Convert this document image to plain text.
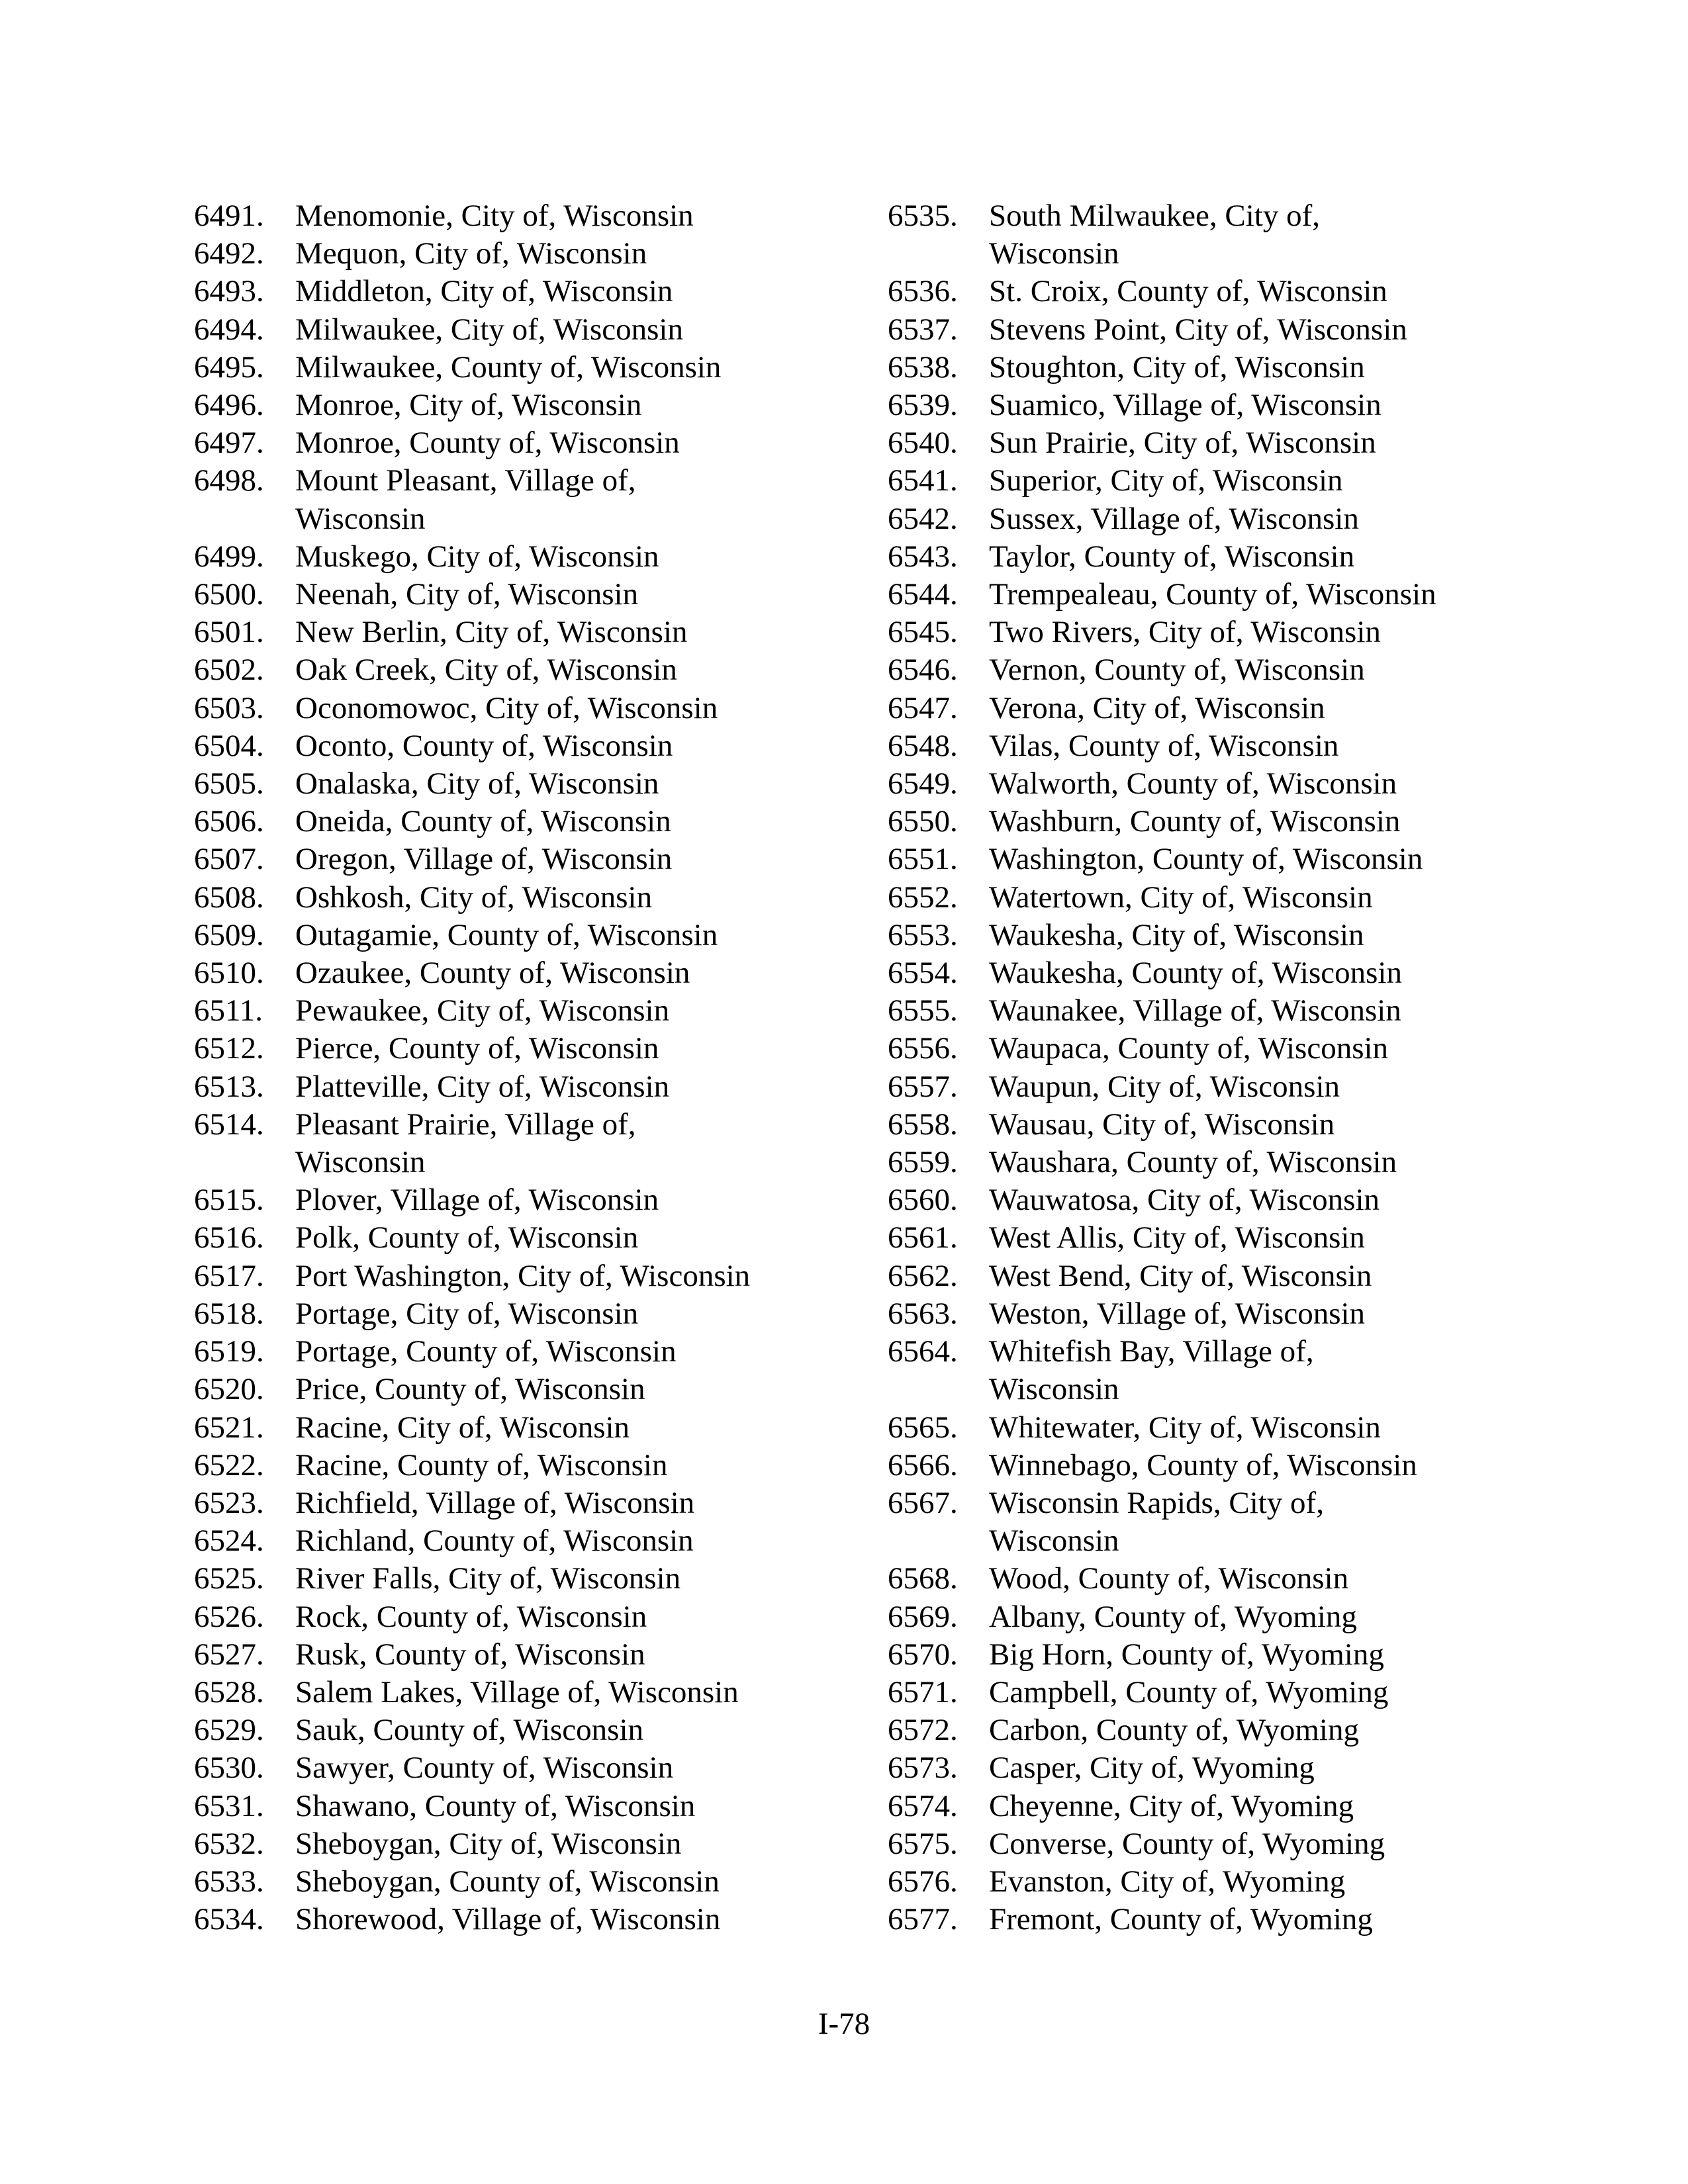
6491.	Menomonie, City of, Wisconsin
6492.	Mequon, City of, Wisconsin
6493.	Middleton, City of, Wisconsin
6494.	Milwaukee, City of, Wisconsin
6495.	Milwaukee, County of, Wisconsin
6496.	Monroe, City of, Wisconsin
6497.	Monroe, County of, Wisconsin
6498.	Mount Pleasant, Village of,
Wisconsin
6499.	Muskego, City of, Wisconsin
6500.	Neenah, City of, Wisconsin
6501.	New Berlin, City of, Wisconsin
6502.	Oak Creek, City of, Wisconsin
6503.	Oconomowoc, City of, Wisconsin
6504.	Oconto, County of, Wisconsin
6505.	Onalaska, City of, Wisconsin
6506.	Oneida, County of, Wisconsin
6507.	Oregon, Village of, Wisconsin
6508.	Oshkosh, City of, Wisconsin
6509.	Outagamie, County of, Wisconsin
6510.	Ozaukee, County of, Wisconsin
6511.	Pewaukee, City of, Wisconsin
6512.	Pierce, County of, Wisconsin
6513.	Platteville, City of, Wisconsin
6514.	Pleasant Prairie, Village of,
Wisconsin
6515.	Plover, Village of, Wisconsin
6516.	Polk, County of, Wisconsin
6517.	Port Washington, City of, Wisconsin
6518.	Portage, City of, Wisconsin
6519.	Portage, County of, Wisconsin
6520.	Price, County of, Wisconsin
6521.	Racine, City of, Wisconsin
6522.	Racine, County of, Wisconsin
6523.	Richfield, Village of, Wisconsin
6524.	Richland, County of, Wisconsin
6525.	River Falls, City of, Wisconsin
6526.	Rock, County of, Wisconsin
6527.	Rusk, County of, Wisconsin
6528.	Salem Lakes, Village of, Wisconsin
6529.	Sauk, County of, Wisconsin
6530.	Sawyer, County of, Wisconsin
6531.	Shawano, County of, Wisconsin
6532.	Sheboygan, City of, Wisconsin
6533.	Sheboygan, County of, Wisconsin
6534.	Shorewood, Village of, Wisconsin
6535.	South Milwaukee, City of,
Wisconsin
6536.	St. Croix, County of, Wisconsin
6537.	Stevens Point, City of, Wisconsin
6538.	Stoughton, City of, Wisconsin
6539.	Suamico, Village of, Wisconsin
6540.	Sun Prairie, City of, Wisconsin
6541.	Superior, City of, Wisconsin
6542.	Sussex, Village of, Wisconsin
6543.	Taylor, County of, Wisconsin
6544.	Trempealeau, County of, Wisconsin
6545.	Two Rivers, City of, Wisconsin
6546.	Vernon, County of, Wisconsin
6547.	Verona, City of, Wisconsin
6548.	Vilas, County of, Wisconsin
6549.	Walworth, County of, Wisconsin
6550.	Washburn, County of, Wisconsin
6551.	Washington, County of, Wisconsin
6552.	Watertown, City of, Wisconsin
6553.	Waukesha, City of, Wisconsin
6554.	Waukesha, County of, Wisconsin
6555.	Waunakee, Village of, Wisconsin
6556.	Waupaca, County of, Wisconsin
6557.	Waupun, City of, Wisconsin
6558.	Wausau, City of, Wisconsin
6559.	Waushara, County of, Wisconsin
6560.	Wauwatosa, City of, Wisconsin
6561.	West Allis, City of, Wisconsin
6562.	West Bend, City of, Wisconsin
6563.	Weston, Village of, Wisconsin
6564.	Whitefish Bay, Village of,
Wisconsin
6565.	Whitewater, City of, Wisconsin
6566.	Winnebago, County of, Wisconsin
6567.	Wisconsin Rapids, City of,
Wisconsin
6568.	Wood, County of, Wisconsin
6569.	Albany, County of, Wyoming
6570.	Big Horn, County of, Wyoming
6571.	Campbell, County of, Wyoming
6572.	Carbon, County of, Wyoming
6573.	Casper, City of, Wyoming
6574.	Cheyenne, City of, Wyoming
6575.	Converse, County of, Wyoming
6576.	Evanston, City of, Wyoming
6577.	Fremont, County of, Wyoming
I-78
